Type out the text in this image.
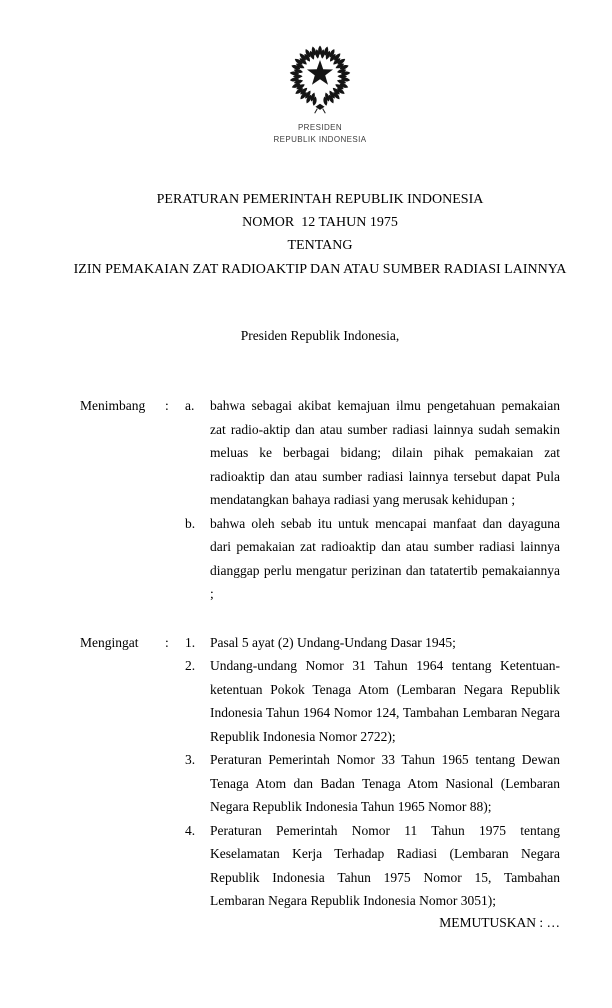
PRESIDEN
REPUBLIK INDONESIA
PERATURAN PEMERINTAH REPUBLIK INDONESIA
NOMOR  12 TAHUN 1975
TENTANG
IZIN PEMAKAIAN ZAT RADIOAKTIP DAN ATAU SUMBER RADIASI LAINNYA
Presiden Republik Indonesia,
Menimbang	:	a.	bahwa sebagai akibat kemajuan ilmu pengetahuan pemakaian zat radio-aktip dan atau sumber radiasi lainnya sudah semakin meluas ke berbagai bidang; dilain pihak pemakaian zat radioaktip dan atau sumber radiasi lainnya tersebut dapat Pula mendatangkan bahaya radiasi yang merusak kehidupan ;
b.	bahwa oleh sebab itu untuk mencapai manfaat dan dayaguna dari pemakaian zat radioaktip dan atau sumber radiasi lainnya dianggap perlu mengatur perizinan dan tatatertib pemakaiannya ;
Mengingat	:	1.	Pasal 5 ayat (2) Undang-Undang Dasar 1945;
2.	Undang-undang Nomor 31 Tahun 1964 tentang Ketentuan-ketentuan Pokok Tenaga Atom (Lembaran Negara Republik Indonesia Tahun 1964 Nomor 124, Tambahan Lembaran Negara Republik Indonesia Nomor 2722);
3.	Peraturan Pemerintah Nomor 33 Tahun 1965 tentang Dewan Tenaga Atom dan Badan Tenaga Atom Nasional (Lembaran Negara Republik Indonesia Tahun 1965 Nomor 88);
4.	Peraturan Pemerintah Nomor 11 Tahun 1975 tentang Keselamatan Kerja Terhadap Radiasi (Lembaran Negara Republik Indonesia Tahun 1975 Nomor 15, Tambahan Lembaran Negara Republik Indonesia Nomor 3051);
MEMUTUSKAN : …
